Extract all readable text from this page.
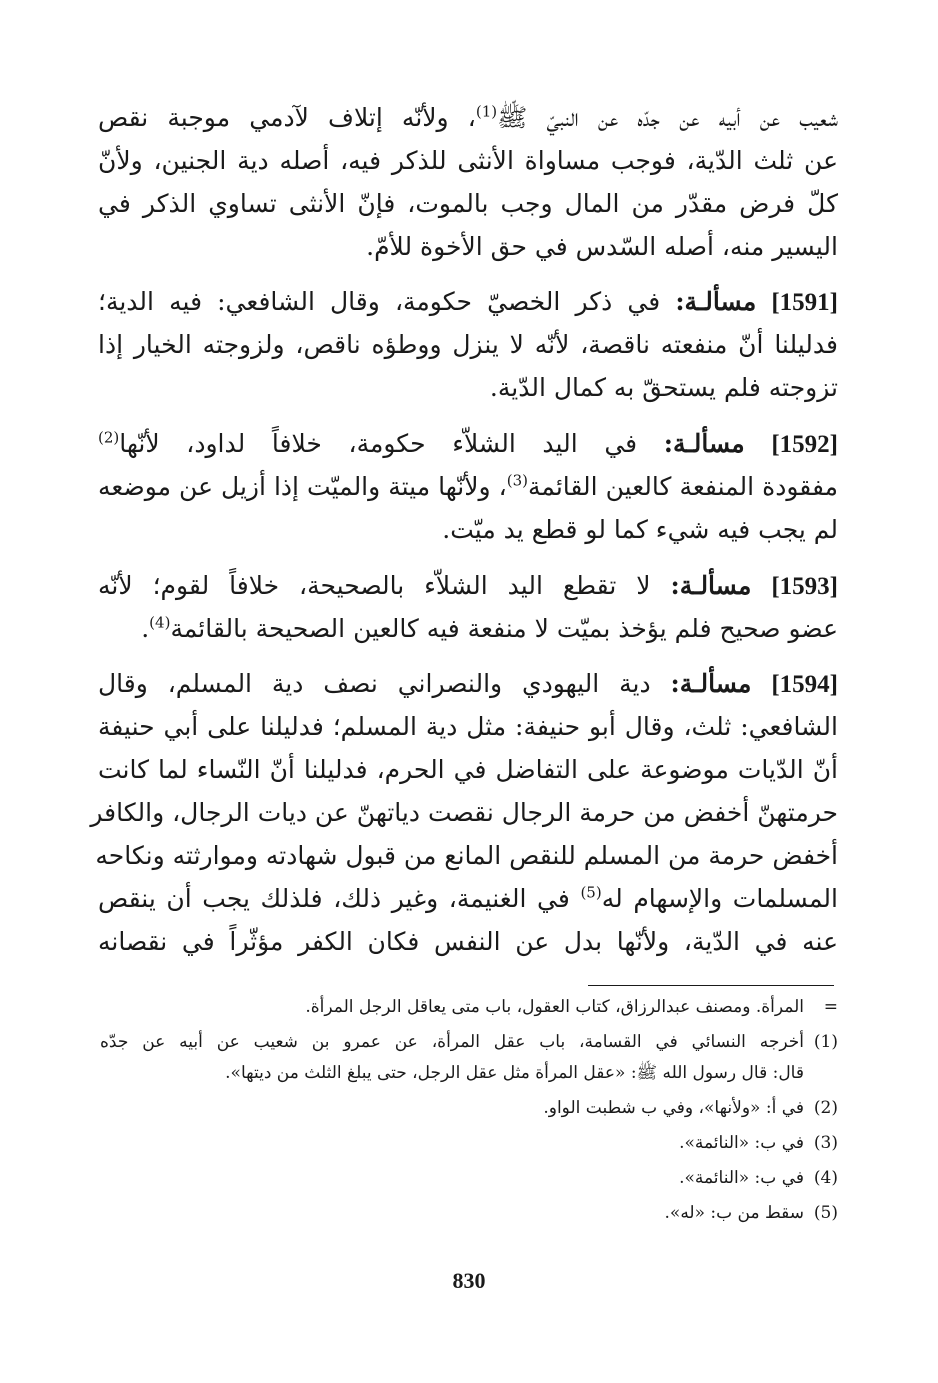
شعيب عن أبيه عن جدّه عن النبيّ ﷺ$^{(1)}$، ولأنّه إتلاف لآدمي موجبة نقص
عن ثلث الدّية، فوجب مساواة الأنثى للذكر فيه، أصله دية الجنين، ولأنّ
كلّ فرض مقدّر من المال وجب بالموت، فإنّ الأنثى تساوي الذكر في
اليسير منه، أصله السّدس في حق الأخوة للأمّ.
[1591] مسألـة: في ذكر الخصيّ حكومة، وقال الشافعي: فيه الدية؛
فدليلنا أنّ منفعته ناقصة، لأنّه لا ينزل ووطؤه ناقص، ولزوجته الخيار إذا
تزوجته فلم يستحقّ به كمال الدّية.
[1592] مسألـة: في اليد الشلاّء حكومة، خلافاً لداود، لأنّها$^{(2)}$
مفقودة المنفعة كالعين القائمة$^{(3)}$، ولأنّها ميتة والميّت إذا أزيل عن موضعه
لم يجب فيه شيء كما لو قطع يد ميّت.
[1593] مسألـة: لا تقطع اليد الشلاّء بالصحيحة، خلافاً لقوم؛ لأنّه
عضو صحيح فلم يؤخذ بميّت لا منفعة فيه كالعين الصحيحة بالقائمة$^{(4)}$.
[1594] مسألـة: دية اليهودي والنصراني نصف دية المسلم، وقال
الشافعي: ثلث، وقال أبو حنيفة: مثل دية المسلم؛ فدليلنا على أبي حنيفة
أنّ الدّيات موضوعة على التفاضل في الحرم، فدليلنا أنّ النّساء لما كانت
حرمتهنّ أخفض من حرمة الرجال نقصت دياتهنّ عن ديات الرجال، والكافر
أخفض حرمة من المسلم للنقص المانع من قبول شهادته وموارثته ونكاحه
المسلمات والإسهام له$^{(5)}$ في الغنيمة، وغير ذلك، فلذلك يجب أن ينقص
عنه في الدّية، ولأنّها بدل عن النفس فكان الكفر مؤثّراً في نقصانه
=
المرأة. ومصنف عبدالرزاق، كتاب العقول، باب متى يعاقل الرجل المرأة.
(1)
أخرجه النسائي في القسامة، باب عقل المرأة، عن عمرو بن شعيب عن أبيه عن جدّه
قال: قال رسول الله ﷺ: «عقل المرأة مثل عقل الرجل، حتى يبلغ الثلث من ديتها».
(2)
في أ: «ولأنها»، وفي ب شطبت الواو.
(3)
في ب: «النائمة».
(4)
في ب: «النائمة».
(5)
سقط من ب: «له».
830
